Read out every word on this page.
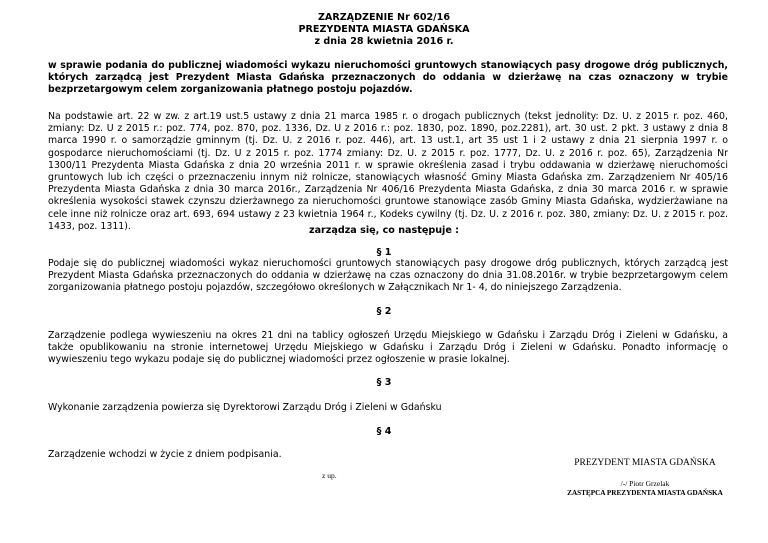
ZARZĄDZENIE Nr 602/16
PREZYDENTA MIASTA GDAŃSKA
z dnia 28 kwietnia 2016 r.
w sprawie podania do publicznej wiadomości wykazu nieruchomości gruntowych stanowiących pasy drogowe dróg publicznych, których zarządcą jest Prezydent Miasta Gdańska przeznaczonych do oddania w dzierżawę na czas oznaczony w trybie bezprzetargowym celem zorganizowania płatnego postoju pojazdów.
Na podstawie art. 22 w zw. z art.19 ust.5 ustawy z dnia 21 marca 1985 r. o drogach publicznych (tekst jednolity: Dz. U. z 2015 r. poz. 460, zmiany: Dz. U z 2015 r.: poz. 774, poz. 870, poz. 1336, Dz. U z 2016 r.: poz. 1830, poz. 1890, poz.2281), art. 30 ust. 2 pkt. 3 ustawy z dnia 8 marca 1990 r. o samorządzie gminnym (tj. Dz. U. z 2016 r. poz. 446), art. 13 ust.1, art 35 ust 1 i 2 ustawy z dnia 21 sierpnia 1997 r. o gospodarce nieruchomościami (tj. Dz. U z 2015 r. poz. 1774 zmiany: Dz. U. z 2015 r. poz. 1777, Dz. U. z 2016 r. poz. 65), Zarządzenia Nr 1300/11 Prezydenta Miasta Gdańska z dnia 20 września 2011 r. w sprawie określenia zasad i trybu oddawania w dzierżawę nieruchomości gruntowych lub ich części o przeznaczeniu innym niż rolnicze, stanowiących własność Gminy Miasta Gdańska zm. Zarządzeniem Nr 405/16 Prezydenta Miasta Gdańska z dnia 30 marca 2016r., Zarządzenia Nr 406/16 Prezydenta Miasta Gdańska, z dnia 30 marca 2016 r. w sprawie określenia wysokości stawek czynszu dzierżawnego za nieruchomości gruntowe stanowiące zasób Gminy Miasta Gdańska, wydzierżawiane na cele inne niż rolnicze oraz art. 693, 694 ustawy z 23 kwietnia 1964 r., Kodeks cywilny (tj. Dz. U. z 2016 r. poz. 380, zmiany: Dz. U. z 2015 r. poz. 1433, poz. 1311).	zarządza się, co następuje :
§ 1
Podaje się do publicznej wiadomości wykaz nieruchomości gruntowych stanowiących pasy drogowe dróg publicznych, których zarządcą jest Prezydent Miasta Gdańska przeznaczonych do oddania w dzierżawę na czas oznaczony do dnia 31.08.2016r. w trybie bezprzetargowym celem zorganizowania płatnego postoju pojazdów, szczegółowo określonych w Załącznikach Nr 1- 4, do niniejszego Zarządzenia.
§ 2
Zarządzenie podlega wywieszeniu na okres 21 dni na tablicy ogłoszeń Urzędu Miejskiego w Gdańsku i Zarządu Dróg i Zieleni w Gdańsku, a także opublikowaniu na stronie internetowej Urzędu Miejskiego w Gdańsku i Zarządu Dróg i Zieleni w Gdańsku. Ponadto informację o wywieszeniu tego wykazu podaje się do publicznej wiadomości przez ogłoszenie w prasie lokalnej.
§ 3
Wykonanie zarządzenia powierza się Dyrektorowi Zarządu Dróg i Zieleni w Gdańsku
§ 4
Zarządzenie wchodzi w życie z dniem podpisania.
PREZYDENT MIASTA GDAŃSKA
z up.
/-/ Piotr Grzelak
ZASTĘPCA PREZYDENTA MIASTA GDAŃSKA
